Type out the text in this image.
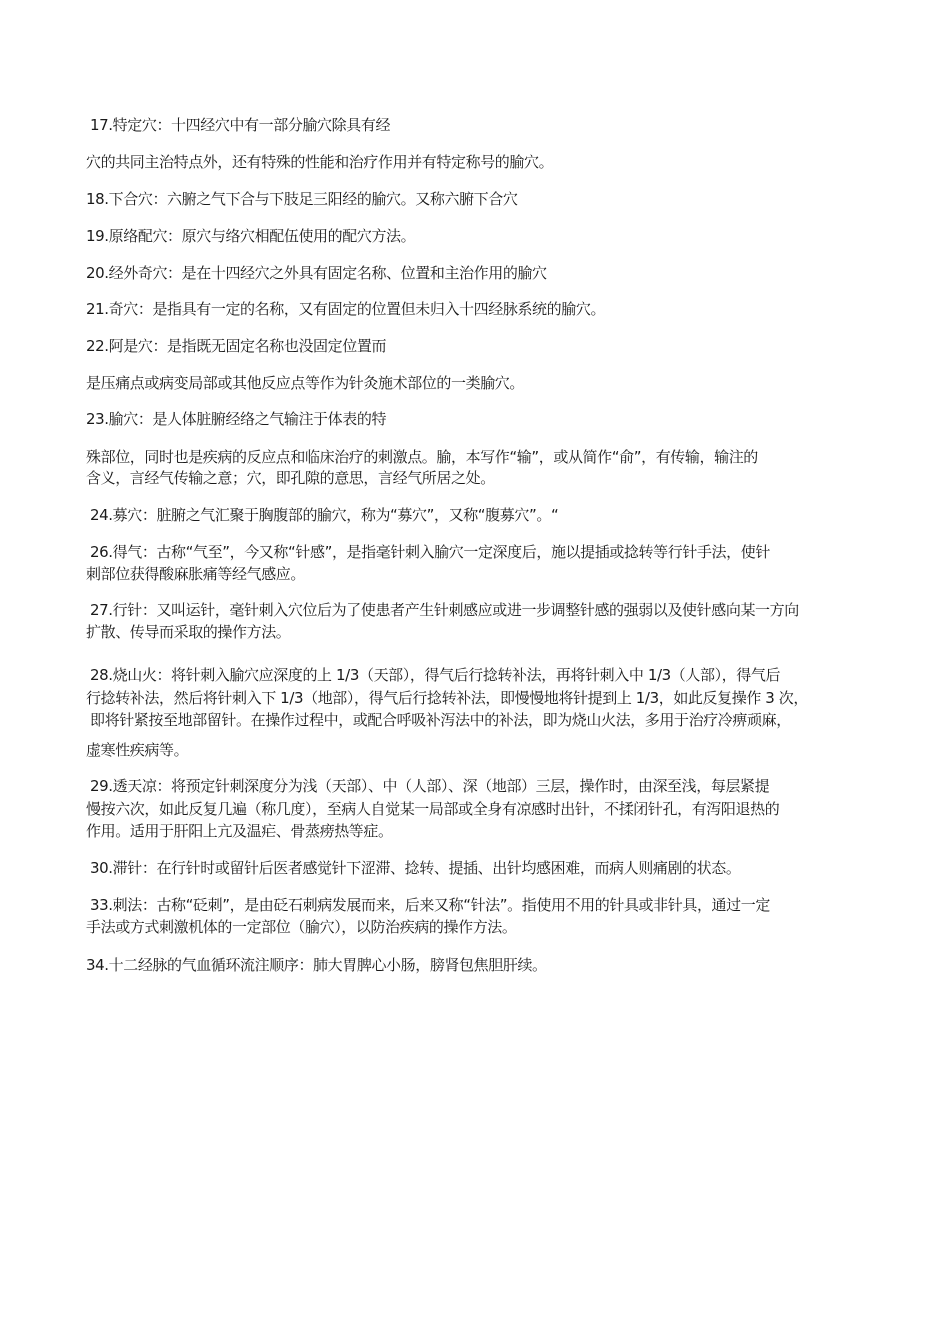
17.特定穴：十四经穴中有一部分腧穴除具有经
穴的共同主治特点外，还有特殊的性能和治疗作用并有特定称号的腧穴。
18.下合穴：六腑之气下合与下肢足三阳经的腧穴。又称六腑下合穴
19.原络配穴：原穴与络穴相配伍使用的配穴方法。
20.经外奇穴：是在十四经穴之外具有固定名称、位置和主治作用的腧穴
21.奇穴：是指具有一定的名称，又有固定的位置但未归入十四经脉系统的腧穴。
22.阿是穴：是指既无固定名称也没固定位置而
是压痛点或病变局部或其他反应点等作为针灸施术部位的一类腧穴。
23.腧穴：是人体脏腑经络之气输注于体表的特
殊部位，同时也是疾病的反应点和临床治疗的刺激点。腧，本写作“输”，或从简作“俞”，有传输，输注的
含义，言经气传输之意；穴，即孔隙的意思，言经气所居之处。
24.募穴：脏腑之气汇聚于胸腹部的腧穴，称为“募穴”，又称“腹募穴”。“
26.得气：古称“气至”，今又称“针感”，是指毫针刺入腧穴一定深度后，施以提插或捻转等行针手法，使针
刺部位获得酸麻胀痛等经气感应。
27.行针：又叫运针，毫针刺入穴位后为了使患者产生针刺感应或进一步调整针感的强弱以及使针感向某一方向
扩散、传导而采取的操作方法。
28.烧山火：将针刺入腧穴应深度的上 1/3（天部），得气后行捻转补法，再将针刺入中 1/3（人部），得气后
行捻转补法，然后将针刺入下 1/3（地部），得气后行捻转补法，即慢慢地将针提到上 1/3，如此反复操作 3 次，
即将针紧按至地部留针。在操作过程中，或配合呼吸补泻法中的补法，即为烧山火法，多用于治疗冷痹顽麻，
虚寒性疾病等。
29.透天凉：将预定针刺深度分为浅（天部）、中（人部）、深（地部）三层，操作时，由深至浅，每层紧提
慢按六次，如此反复几遍（称几度），至病人自觉某一局部或全身有凉感时出针，不揉闭针孔，有泻阳退热的
作用。适用于肝阳上亢及温疟、骨蒸痨热等症。
30.滞针：在行针时或留针后医者感觉针下涩滞、捻转、提插、出针均感困难，而病人则痛剧的状态。
33.刺法：古称“砭刺”，是由砭石刺病发展而来，后来又称“针法”。指使用不用的针具或非针具，通过一定
手法或方式刺激机体的一定部位（腧穴），以防治疾病的操作方法。
34.十二经脉的气血循环流注顺序：肺大胃脾心小肠，膀肾包焦胆肝续。
